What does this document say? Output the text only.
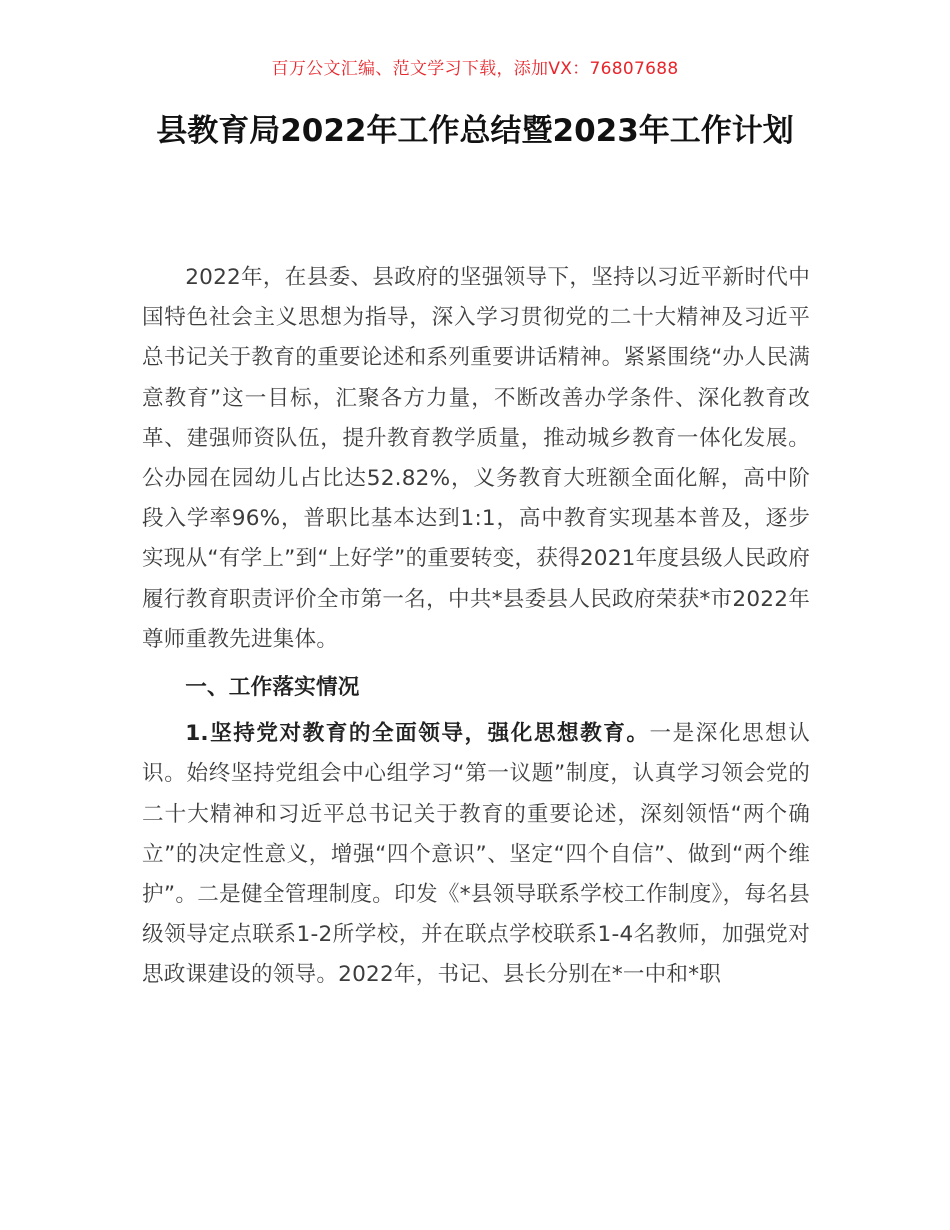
百万公文汇编、范文学习下载，添加VX：76807688
县教育局2022年工作总结暨2023年工作计划

2022年，在县委、县政府的坚强领导下，坚持以习近平新时代中国特色社会主义思想为指导，深入学习贯彻党的二十大精神及习近平总书记关于教育的重要论述和系列重要讲话精神。紧紧围绕“办人民满意教育”这一目标，汇聚各方力量，不断改善办学条件、深化教育改革、建强师资队伍，提升教育教学质量，推动城乡教育一体化发展。公办园在园幼儿占比达52.82%，义务教育大班额全面化解，高中阶段入学率96%，普职比基本达到1:1，高中教育实现基本普及，逐步实现从“有学上”到“上好学”的重要转变，获得2021年度县级人民政府履行教育职责评价全市第一名，中共*县委县人民政府荣获*市2022年尊师重教先进集体。

一、工作落实情况

1.坚持党对教育的全面领导，强化思想教育。一是深化思想认识。始终坚持党组会中心组学习“第一议题”制度，认真学习领会党的二十大精神和习近平总书记关于教育的重要论述，深刻领悟“两个确立”的决定性意义，增强“四个意识”、坚定“四个自信”、做到“两个维护”。二是健全管理制度。印发《*县领导联系学校工作制度》，每名县级领导定点联系1-2所学校，并在联点学校联系1-4名教师，加强党对思政课建设的领导。2022年，书记、县长分别在*一中和*职
